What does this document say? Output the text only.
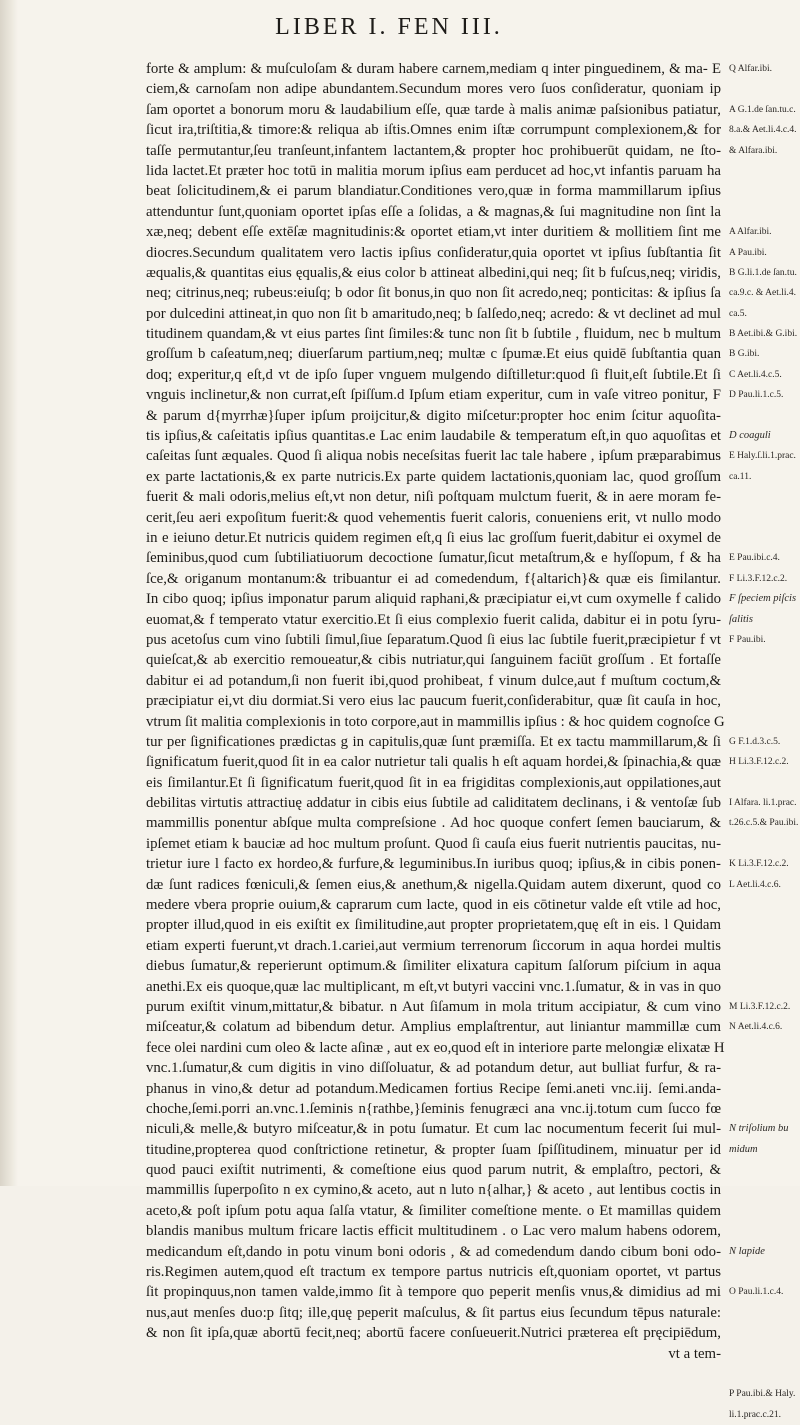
LIBER I. FEN III.
forte & amplum: & muſculoſam & duram habere carnem,mediam q inter pinguedinem, & ma- E
ciem,& carnoſam non adipe abundantem.Secundum mores vero ſuos conſideratur, quoniam ip
ſam oportet a bonorum moru & laudabilium eſſe, quæ tarde à malis animæ paſsionibus patiatur,
ſicut ira,triſtitia,& timore:& reliqua ab iſtis.Omnes enim iſtæ corrumpunt complexionem,& for
taſſe permutantur,ſeu tranſeunt,infantem lactantem,& propter hoc prohibuerūt quidam, ne ſto-
lida lactet.Et præter hoc totū in malitia morum ipſius eam perducet ad hoc,vt infantis paruam ha
beat ſolicitudinem,& ei parum blandiatur.Conditiones vero,quæ in forma mammillarum ipſius
attenduntur ſunt,quoniam oportet ipſas eſſe a ſolidas, a & magnas,& ſui magnitudine non ſint la
xæ,neq; debent eſſe extēſæ magnitudinis:& oportet etiam,vt inter duritiem & mollitiem ſint me
diocres.Secundum qualitatem vero lactis ipſius conſideratur,quia oportet vt ipſius ſubſtantia ſit
æqualis,& quantitas eius ęqualis,& eius color b attineat albedini,qui neq; ſit b fuſcus,neq; viridis,
neq; citrinus,neq; rubeus:eiuſq; b odor ſit bonus,in quo non ſit acredo,neq; ponticitas: & ipſius ſa
por dulcedini attineat,in quo non ſit b amaritudo,neq; b ſalſedo,neq; acredo: & vt declinet ad mul
titudinem quandam,& vt eius partes ſint ſimiles:& tunc non ſit b ſubtile , fluidum, nec b multum
groſſum b caſeatum,neq; diuerſarum partium,neq; multæ c ſpumæ.Et eius quidē ſubſtantia quan
doq; experitur,q eſt,d vt de ipſo ſuper vnguem mulgendo diſtilletur:quod ſi fluit,eſt ſubtile.Et ſi
vnguis inclinetur,& non currat,eſt ſpiſſum.d Ipſum etiam experitur, cum in vaſe vitreo ponitur, F
& parum d{myrrhæ}ſuper ipſum proijcitur,& digito miſcetur:propter hoc enim ſcitur aquoſita-
tis ipſius,& caſeitatis ipſius quantitas.e Lac enim laudabile & temperatum eſt,in quo aquoſitas et
caſeitas ſunt æquales. Quod ſi aliqua nobis neceſsitas fuerit lac tale habere , ipſum præparabimus
ex parte lactationis,& ex parte nutricis.Ex parte quidem lactationis,quoniam lac, quod groſſum
fuerit & mali odoris,melius eſt,vt non detur, niſi poſtquam mulctum fuerit, & in aere moram fe-
cerit,ſeu aeri expoſitum fuerit:& quod vehementis fuerit caloris, conueniens erit, vt nullo modo
in e ieiuno detur.Et nutricis quidem regimen eſt,q ſi eius lac groſſum fuerit,dabitur ei oxymel de
ſeminibus,quod cum ſubtiliatiuorum decoctione ſumatur,ſicut metaſtrum,& e hyſſopum, f & ha
ſce,& origanum montanum:& tribuantur ei ad comedendum, f{altarich}& quæ eis ſimilantur.
In cibo quoq; ipſius imponatur parum aliquid raphani,& præcipiatur ei,vt cum oxymelle f calido
euomat,& f temperato vtatur exercitio.Et ſi eius complexio fuerit calida, dabitur ei in potu ſyru-
pus acetoſus cum vino ſubtili ſimul,ſiue ſeparatum.Quod ſi eius lac ſubtile fuerit,præcipietur f vt
quieſcat,& ab exercitio remoueatur,& cibis nutriatur,qui ſanguinem faciūt groſſum . Et fortaſſe
dabitur ei ad potandum,ſi non fuerit ibi,quod prohibeat, f vinum dulce,aut f muſtum coctum,&
præcipiatur ei,vt diu dormiat.Si vero eius lac paucum fuerit,conſiderabitur, quæ ſit cauſa in hoc,
vtrum ſit malitia complexionis in toto corpore,aut in mammillis ipſius : & hoc quidem cognoſce G
tur per ſignificationes prædictas g in capitulis,quæ ſunt præmiſſa. Et ex tactu mammillarum,& ſi
ſignificatum fuerit,quod ſit in ea calor nutrietur tali qualis h eſt aquam hordei,& ſpinachia,& quæ
eis ſimilantur.Et ſi ſignificatum fuerit,quod ſit in ea frigiditas complexionis,aut oppilationes,aut
debilitas virtutis attractiuę addatur in cibis eius ſubtile ad caliditatem declinans, i & ventoſæ ſub
mammillis ponentur abſque multa compreſsione . Ad hoc quoque confert ſemen bauciarum, &
ipſemet etiam k bauciæ ad hoc multum proſunt. Quod ſi cauſa eius fuerit nutrientis paucitas, nu-
trietur iure l facto ex hordeo,& furfure,& leguminibus.In iuribus quoq; ipſius,& in cibis ponen-
dæ ſunt radices fœniculi,& ſemen eius,& anethum,& nigella.Quidam autem dixerunt, quod co
medere vbera proprie ouium,& caprarum cum lacte, quod in eis cōtinetur valde eſt vtile ad hoc,
propter illud,quod in eis exiſtit ex ſimilitudine,aut propter proprietatem,quę eſt in eis. l Quidam
etiam experti fuerunt,vt drach.1.cariei,aut vermium terrenorum ſiccorum in aqua hordei multis
diebus ſumatur,& reperierunt optimum.& ſimiliter elixatura capitum ſalſorum piſcium in aqua
anethi.Ex eis quoque,quæ lac multiplicant, m eſt,vt butyri vaccini vnc.1.ſumatur, & in vas in quo
purum exiſtit vinum,mittatur,& bibatur. n Aut ſiſamum in mola tritum accipiatur, & cum vino
miſceatur,& colatum ad bibendum detur. Amplius emplaſtrentur, aut liniantur mammillæ cum
fece olei nardini cum oleo & lacte aſinæ , aut ex eo,quod eſt in interiore parte melongiæ elixatæ H
vnc.1.ſumatur,& cum digitis in vino diſſoluatur, & ad potandum detur, aut bulliat furfur, & ra-
phanus in vino,& detur ad potandum.Medicamen fortius Recipe ſemi.aneti vnc.iij. ſemi.anda-
choche,ſemi.porri an.vnc.1.ſeminis n{rathbe,}ſeminis fenugræci ana vnc.ij.totum cum ſucco fœ
niculi,& melle,& butyro miſceatur,& in potu ſumatur. Et cum lac nocumentum fecerit ſui mul-
titudine,propterea quod conſtrictione retinetur, & propter ſuam ſpiſſitudinem, minuatur per id
quod pauci exiſtit nutrimenti, & comeſtione eius quod parum nutrit, & emplaſtro, pectori, &
mammillis ſuperpoſito n ex cymino,& aceto, aut n luto n{alhar,} & aceto , aut lentibus coctis in
aceto,& poſt ipſum potu aqua ſalſa vtatur, & ſimiliter comeſtione mente. o Et mamillas quidem
blandis manibus multum fricare lactis efficit multitudinem . o Lac vero malum habens odorem,
medicandum eſt,dando in potu vinum boni odoris , & ad comedendum dando cibum boni odo-
ris.Regimen autem,quod eſt tractum ex tempore partus nutricis eſt,quoniam oportet, vt partus
ſit propinquus,non tamen valde,immo ſit à tempore quo peperit menſis vnus,& dimidius ad mi
nus,aut menſes duo:p ſitq; ille,quę peperit maſculus, & ſit partus eius ſecundum tēpus naturale:
& non ſit ipſa,quæ abortū fecit,neq; abortū facere conſueuerit.Nutrici præterea eſt pręcipiēdum,
vt a tem-
Q Alfar.ibi.
A G.1.de ſan.tu.c.
8.a.& Aet.li.4.c.4.
& Alfara.ibi.
A Alfar.ibi.
A Pau.ibi.
B G.li.1.de ſan.tu.
ca.9.c. & Aet.li.4.
ca.5.
B Aet.ibi.& G.ibi.
B G.ibi.
C Aet.li.4.c.5.
D Pau.li.1.c.5.
D coaguli
E Haly.ſ.li.1.prac.
ca.11.
E Pau.ibi.c.4.
F Li.3.F.12.c.2.
F ſpeciem piſcis
ſalitis
F Pau.ibi.
G F.1.d.3.c.5.
H Li.3.F.12.c.2.
I Alfara. li.1.prac.
t.26.c.5.& Pau.ibi.
K Li.3.F.12.c.2.
L Aet.li.4.c.6.
M Li.3.F.12.c.2.
N Aet.li.4.c.6.
N triſolium bu
midum
N lapide
O Pau.li.1.c.4.
P Pau.ibi.& Haly.
li.1.prac.c.21.
